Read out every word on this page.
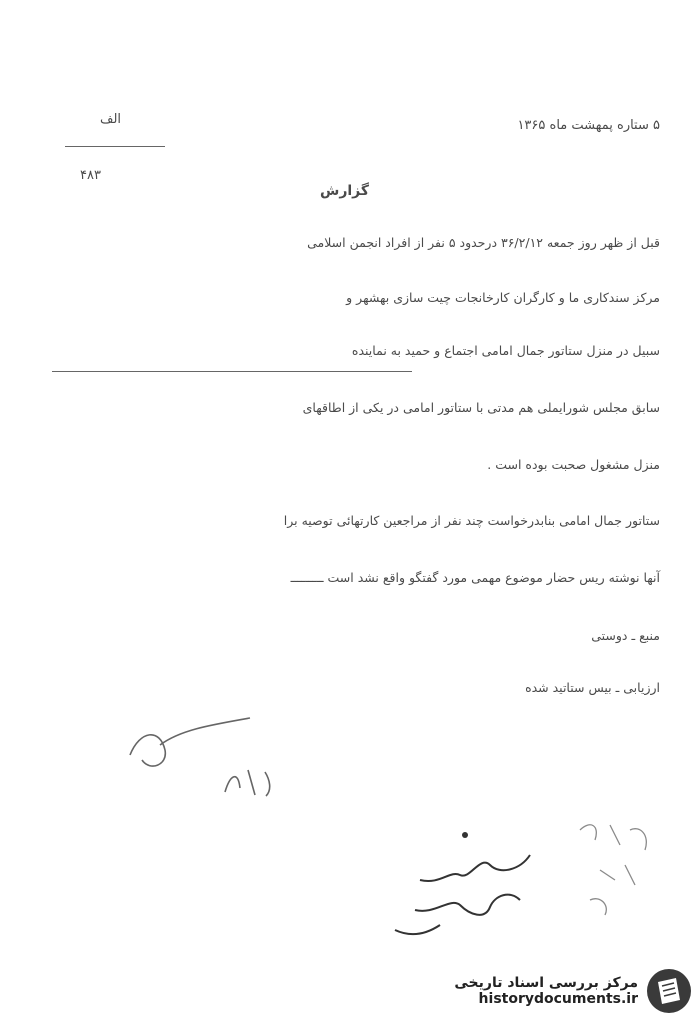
۵ ستاره پمهشت ماه ۱۳۶۵
الف
۴۸۳
گزارش
قبل از ظهر روز جمعه ۳۶/۲/۱۲ درحدود ۵ نفر از افراد انجمن اسلامی
مرکز سندکاری ما و کارگران کارخانجات چیت سازی بهشهر و
سبیل در منزل ستاتور جمال امامی اجتماع و حمید به نماینده
سابق مجلس شورایملی هم مدتی با ستاتور امامی در یکی از اطاقهای
منزل مشغول صحبت بوده است .
ستاتور جمال امامی بنابدرخواست چند نفر از مراجعین کارتهائی توصیه برا
آنها نوشته ریس حضار موضوع مهمی مورد گفتگو واقع نشد است ـــــــــ
منبع ـ دوستی
ارزیابی ـ بیس ستاتید شده
مرکز بررسی اسناد تاریخی
historydocuments.ir
